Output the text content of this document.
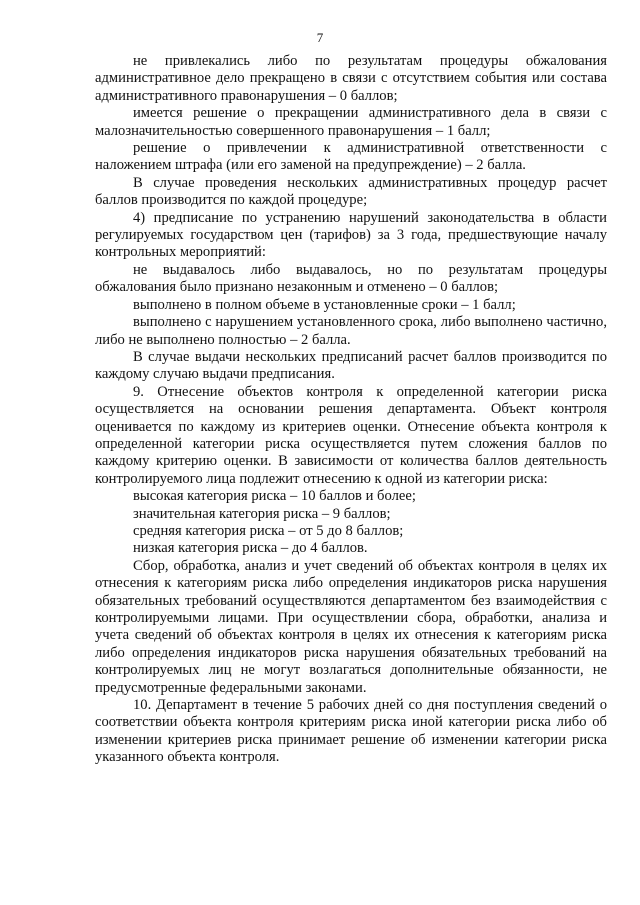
7

не привлекались либо по результатам процедуры обжалования административное дело прекращено в связи с отсутствием события или состава административного правонарушения – 0 баллов;

имеется решение о прекращении административного дела в связи с малозначительностью совершенного правонарушения – 1 балл;

решение о привлечении к административной ответственности с наложением штрафа (или его заменой на предупреждение) – 2 балла.

В случае проведения нескольких административных процедур расчет баллов производится по каждой процедуре;

4) предписание по устранению нарушений законодательства в области регулируемых государством цен (тарифов) за 3 года, предшествующие началу контрольных мероприятий:

не выдавалось либо выдавалось, но по результатам процедуры обжалования было признано незаконным и отменено – 0 баллов;

выполнено в полном объеме в установленные сроки – 1 балл;

выполнено с нарушением установленного срока, либо выполнено частично, либо не выполнено полностью – 2 балла.

В случае выдачи нескольких предписаний расчет баллов производится по каждому случаю выдачи предписания.

9. Отнесение объектов контроля к определенной категории риска осуществляется на основании решения департамента. Объект контроля оценивается по каждому из критериев оценки. Отнесение объекта контроля к определенной категории риска осуществляется путем сложения баллов по каждому критерию оценки. В зависимости от количества баллов деятельность контролируемого лица подлежит отнесению к одной из категории риска:

высокая категория риска – 10 баллов и более;

значительная категория риска – 9 баллов;

средняя категория риска – от 5 до 8 баллов;

низкая категория риска – до 4 баллов.

Сбор, обработка, анализ и учет сведений об объектах контроля в целях их отнесения к категориям риска либо определения индикаторов риска нарушения обязательных требований осуществляются департаментом без взаимодействия с контролируемыми лицами. При осуществлении сбора, обработки, анализа и учета сведений об объектах контроля в целях их отнесения к категориям риска либо определения индикаторов риска нарушения обязательных требований на контролируемых лиц не могут возлагаться дополнительные обязанности, не предусмотренные федеральными законами.

10. Департамент в течение 5 рабочих дней со дня поступления сведений о соответствии объекта контроля критериям риска иной категории риска либо об изменении критериев риска принимает решение об изменении категории риска указанного объекта контроля.
